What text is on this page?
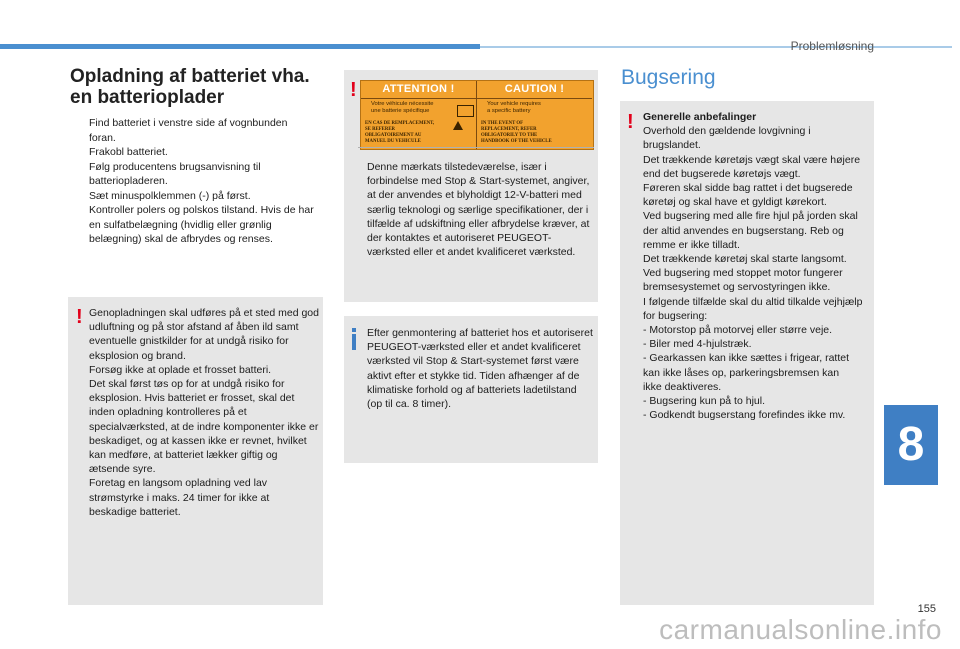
Problemløsning
Opladning af batteriet vha.
en batterioplader
Find batteriet i venstre side af vognbunden foran.
Frakobl batteriet.
Følg producentens brugsanvisning til batteriopladeren.
Sæt minuspolklemmen (-) på først.
Kontroller polers og polskos tilstand. Hvis de har en sulfatbelægning (hvidlig eller grønlig belægning) skal de afbrydes og renses.
! Genopladningen skal udføres på et sted med god udluftning og på stor afstand af åben ild samt eventuelle gnistkilder for at undgå risiko for eksplosion og brand.
Forsøg ikke at oplade et frosset batteri.
Det skal først tøs op for at undgå risiko for eksplosion. Hvis batteriet er frosset, skal det inden opladning kontrolleres på et specialværksted, at de indre komponenter ikke er beskadiget, og at kassen ikke er revnet, hvilket kan medføre, at batteriet lækker giftig og ætsende syre.
Foretag en langsom opladning ved lav strømstyrke i maks. 24 timer for ikke at beskadige batteriet.
!	ATTENTION !
Votre véhicule nécessite
une batterie spécifique
EN CAS DE REMPLACEMENT,
SE REFERER
OBLIGATOIREMENT AU
MANUEL DU VEHICULE
CAUTION !
Your vehicle requires
a specific battery
IN THE EVENT OF
REPLACEMENT, REFER
OBLIGATORILY TO THE
HANDBOOK OF THE VEHICLE
Denne mærkats tilstedeværelse, især i forbindelse med Stop & Start-systemet, angiver, at der anvendes et blyholdigt 12-V-batteri med særlig teknologi og særlige specifikationer, der i tilfælde af udskiftning eller afbrydelse kræver, at der kontaktes et autoriseret PEUGEOT-værksted eller et andet kvalificeret værksted.
Efter genmontering af batteriet hos et autoriseret PEUGEOT-værksted eller et andet kvalificeret værksted vil Stop & Start-systemet først være aktivt efter et stykke tid. Tiden afhænger af de klimatiske forhold og af batteriets ladetilstand (op til ca. 8 timer).
Bugsering
! Generelle anbefalinger
Overhold den gældende lovgivning i brugslandet.
Det trækkende køretøjs vægt skal være højere end det bugserede køretøjs vægt.
Føreren skal sidde bag rattet i det bugserede køretøj og skal have et gyldigt kørekort.
Ved bugsering med alle fire hjul på jorden skal der altid anvendes en bugserstang. Reb og remme er ikke tilladt.
Det trækkende køretøj skal starte langsomt.
Ved bugsering med stoppet motor fungerer bremsesystemet og servostyringen ikke.
I følgende tilfælde skal du altid tilkalde vejhjælp for bugsering:
- Motorstop på motorvej eller større veje.
- Biler med 4-hjulstræk.
- Gearkassen kan ikke sættes i frigear, rattet
kan ikke låses op, parkeringsbremsen kan
ikke deaktiveres.
- Bugsering kun på to hjul.
- Godkendt bugserstang forefindes ikke mv.
8
155
carmanualsonline.info
